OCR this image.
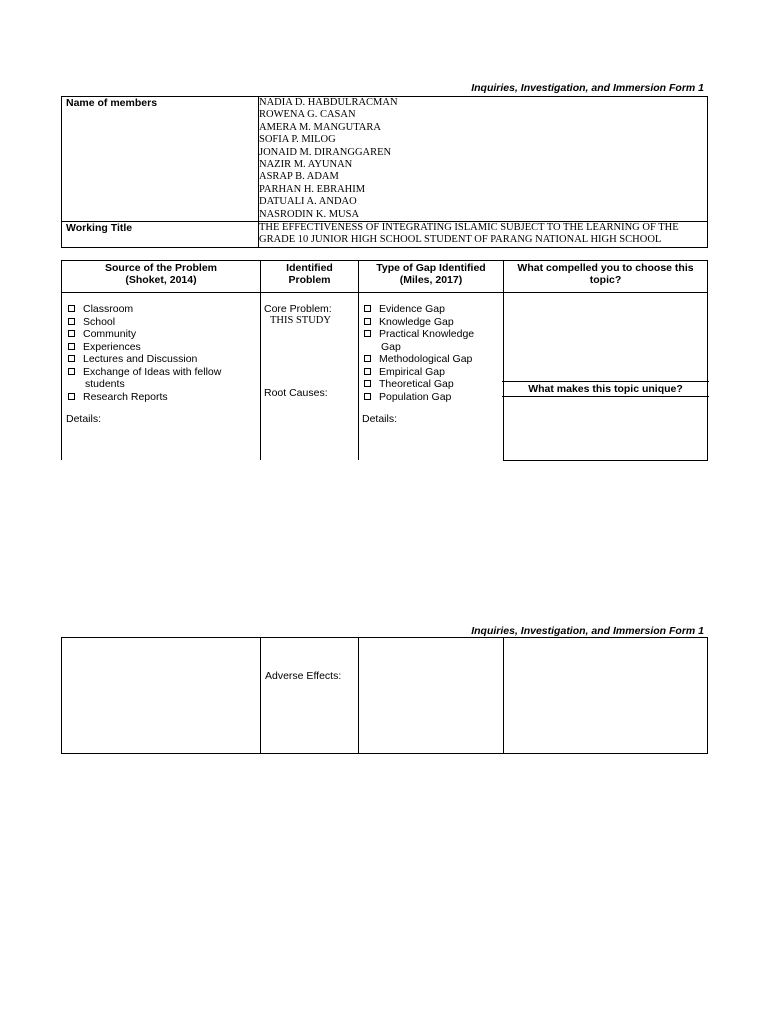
Inquiries, Investigation, and Immersion Form 1
Name of members	NADIA D. HABDULRACMAN
ROWENA G. CASAN
AMERA M. MANGUTARA
SOFIA P. MILOG
JONAID M. DIRANGGAREN
NAZIR M. AYUNAN
ASRAP B. ADAM
PARHAN H. EBRAHIM
DATUALI A. ANDAO
NASRODIN K. MUSA
Working Title	THE EFFECTIVENESS OF INTEGRATING ISLAMIC SUBJECT TO THE LEARNING OF THE
GRADE 10 JUNIOR HIGH SCHOOL STUDENT OF PARANG NATIONAL HIGH SCHOOL
Source of the Problem
(Shoket, 2014)
Identified
Problem
Type of Gap Identified
(Miles, 2017)
What compelled you to choose this
topic?
Classroom
School
Community
Experiences
Lectures and Discussion
Exchange of Ideas with fellow
students
Research Reports
Details:
Core Problem:
THIS STUDY
Root Causes:
Evidence Gap
Knowledge Gap
Practical Knowledge
Gap
Methodological Gap
Empirical Gap
Theoretical Gap
Population Gap
Details:
What makes this topic unique?
Inquiries, Investigation, and Immersion Form 1
Adverse Effects:
